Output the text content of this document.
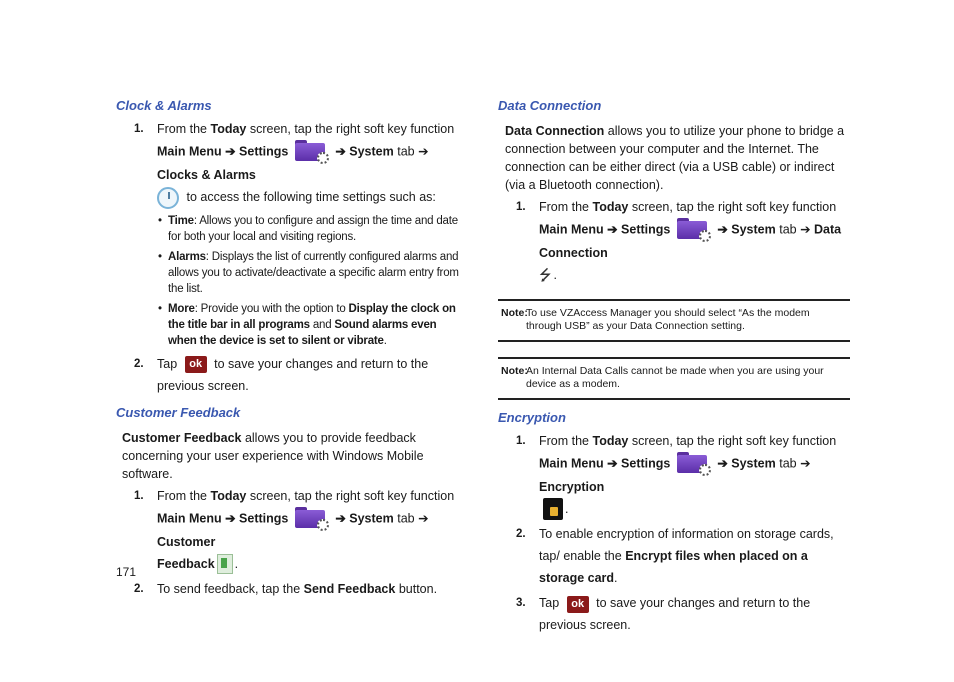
Clock & Alarms
1. From the Today screen, tap the right soft key function Main Menu ➔ Settings	➔ System tab ➔ Clocks & Alarms
to access the following time settings such as:
• Time: Allows you to configure and assign the time and date for both your local and visiting regions.
• Alarms: Displays the list of currently configured alarms and allows you to activate/deactivate a specific alarm entry from the list.
• More: Provide you with the option to Display the clock on the title bar in all programs and Sound alarms even when the device is set to silent or vibrate.
2. Tap ok to save your changes and return to the previous screen.
Customer Feedback

Customer Feedback allows you to provide feedback concerning your user experience with Windows Mobile software.

1. From the Today screen, tap the right soft key function Main Menu ➔ Settings	➔ System tab ➔ Customer
Feedback .
2. To send feedback, tap the Send Feedback button.
Data Connection

Data Connection allows you to utilize your phone to bridge a connection between your computer and the Internet. The connection can be either direct (via a USB cable) or indirect (via a Bluetooth connection).

1. From the Today screen, tap the right soft key function Main Menu ➔ Settings	➔ System tab ➔ Data Connection
⭍ .
Note:
To use VZAccess Manager you should select “As the modem through USB” as your Data Connection setting.
Note:
An Internal Data Calls cannot be made when you are using your device as a modem.
Encryption
1. From the Today screen, tap the right soft key function Main Menu ➔ Settings	➔ System tab ➔ Encryption
.
2. To enable encryption of information on storage cards, tap/ enable the Encrypt files when placed on a storage card.
3. Tap ok to save your changes and return to the previous screen.
171
